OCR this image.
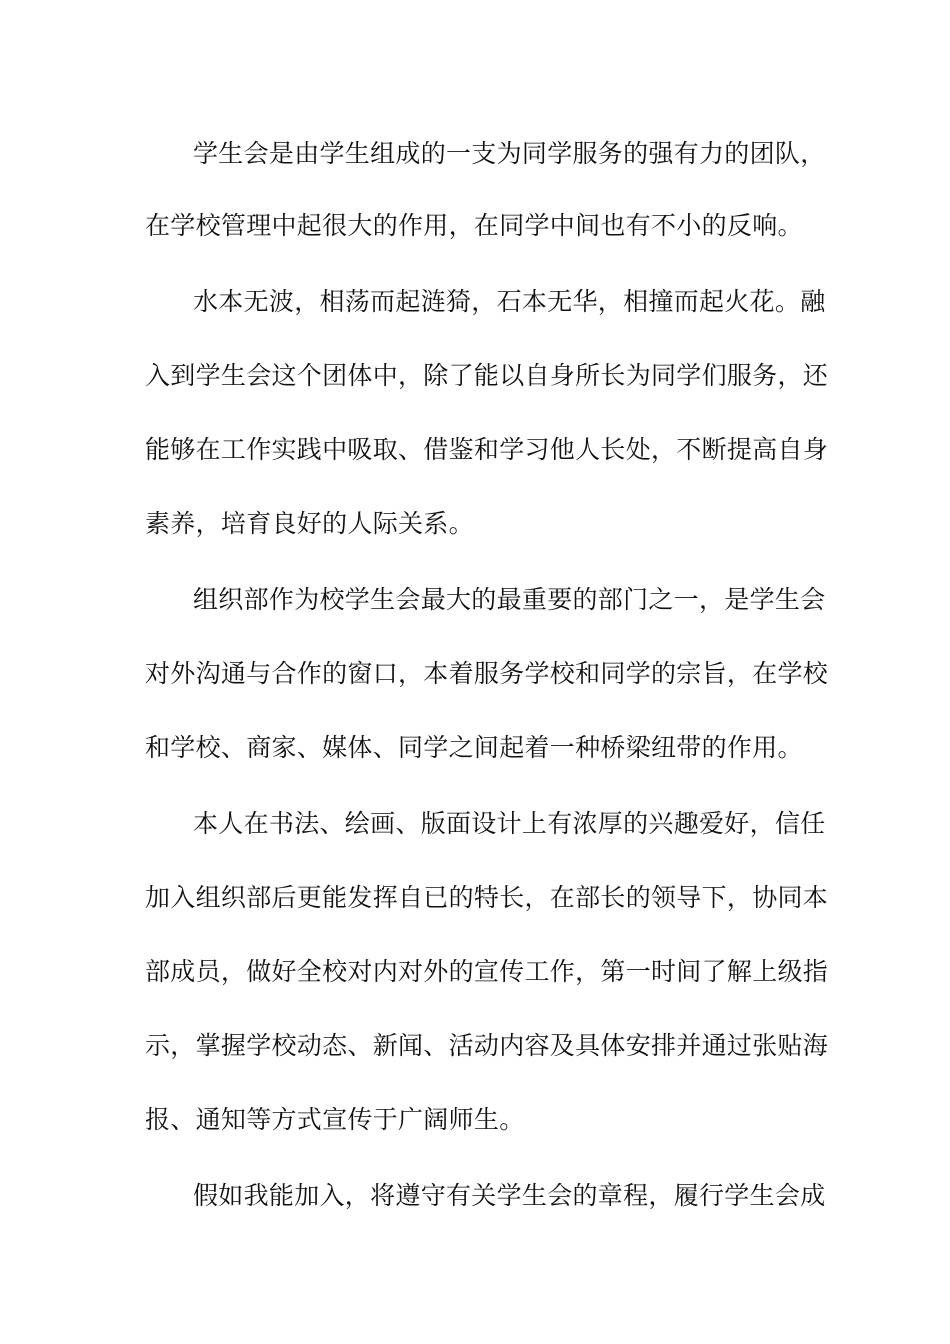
学生会是由学生组成的一支为同学服务的强有力的团队，
在学校管理中起很大的作用，在同学中间也有不小的反响。
水本无波，相荡而起涟猗，石本无华，相撞而起火花。融
入到学生会这个团体中，除了能以自身所长为同学们服务，还
能够在工作实践中吸取、借鉴和学习他人长处，不断提高自身
素养，培育良好的人际关系。
组织部作为校学生会最大的最重要的部门之一，是学生会
对外沟通与合作的窗口，本着服务学校和同学的宗旨，在学校
和学校、商家、媒体、同学之间起着一种桥梁纽带的作用。
本人在书法、绘画、版面设计上有浓厚的兴趣爱好，信任
加入组织部后更能发挥自已的特长，在部长的领导下，协同本
部成员，做好全校对内对外的宣传工作，第一时间了解上级指
示，掌握学校动态、新闻、活动内容及具体安排并通过张贴海
报、通知等方式宣传于广阔师生。
假如我能加入，将遵守有关学生会的章程，履行学生会成
